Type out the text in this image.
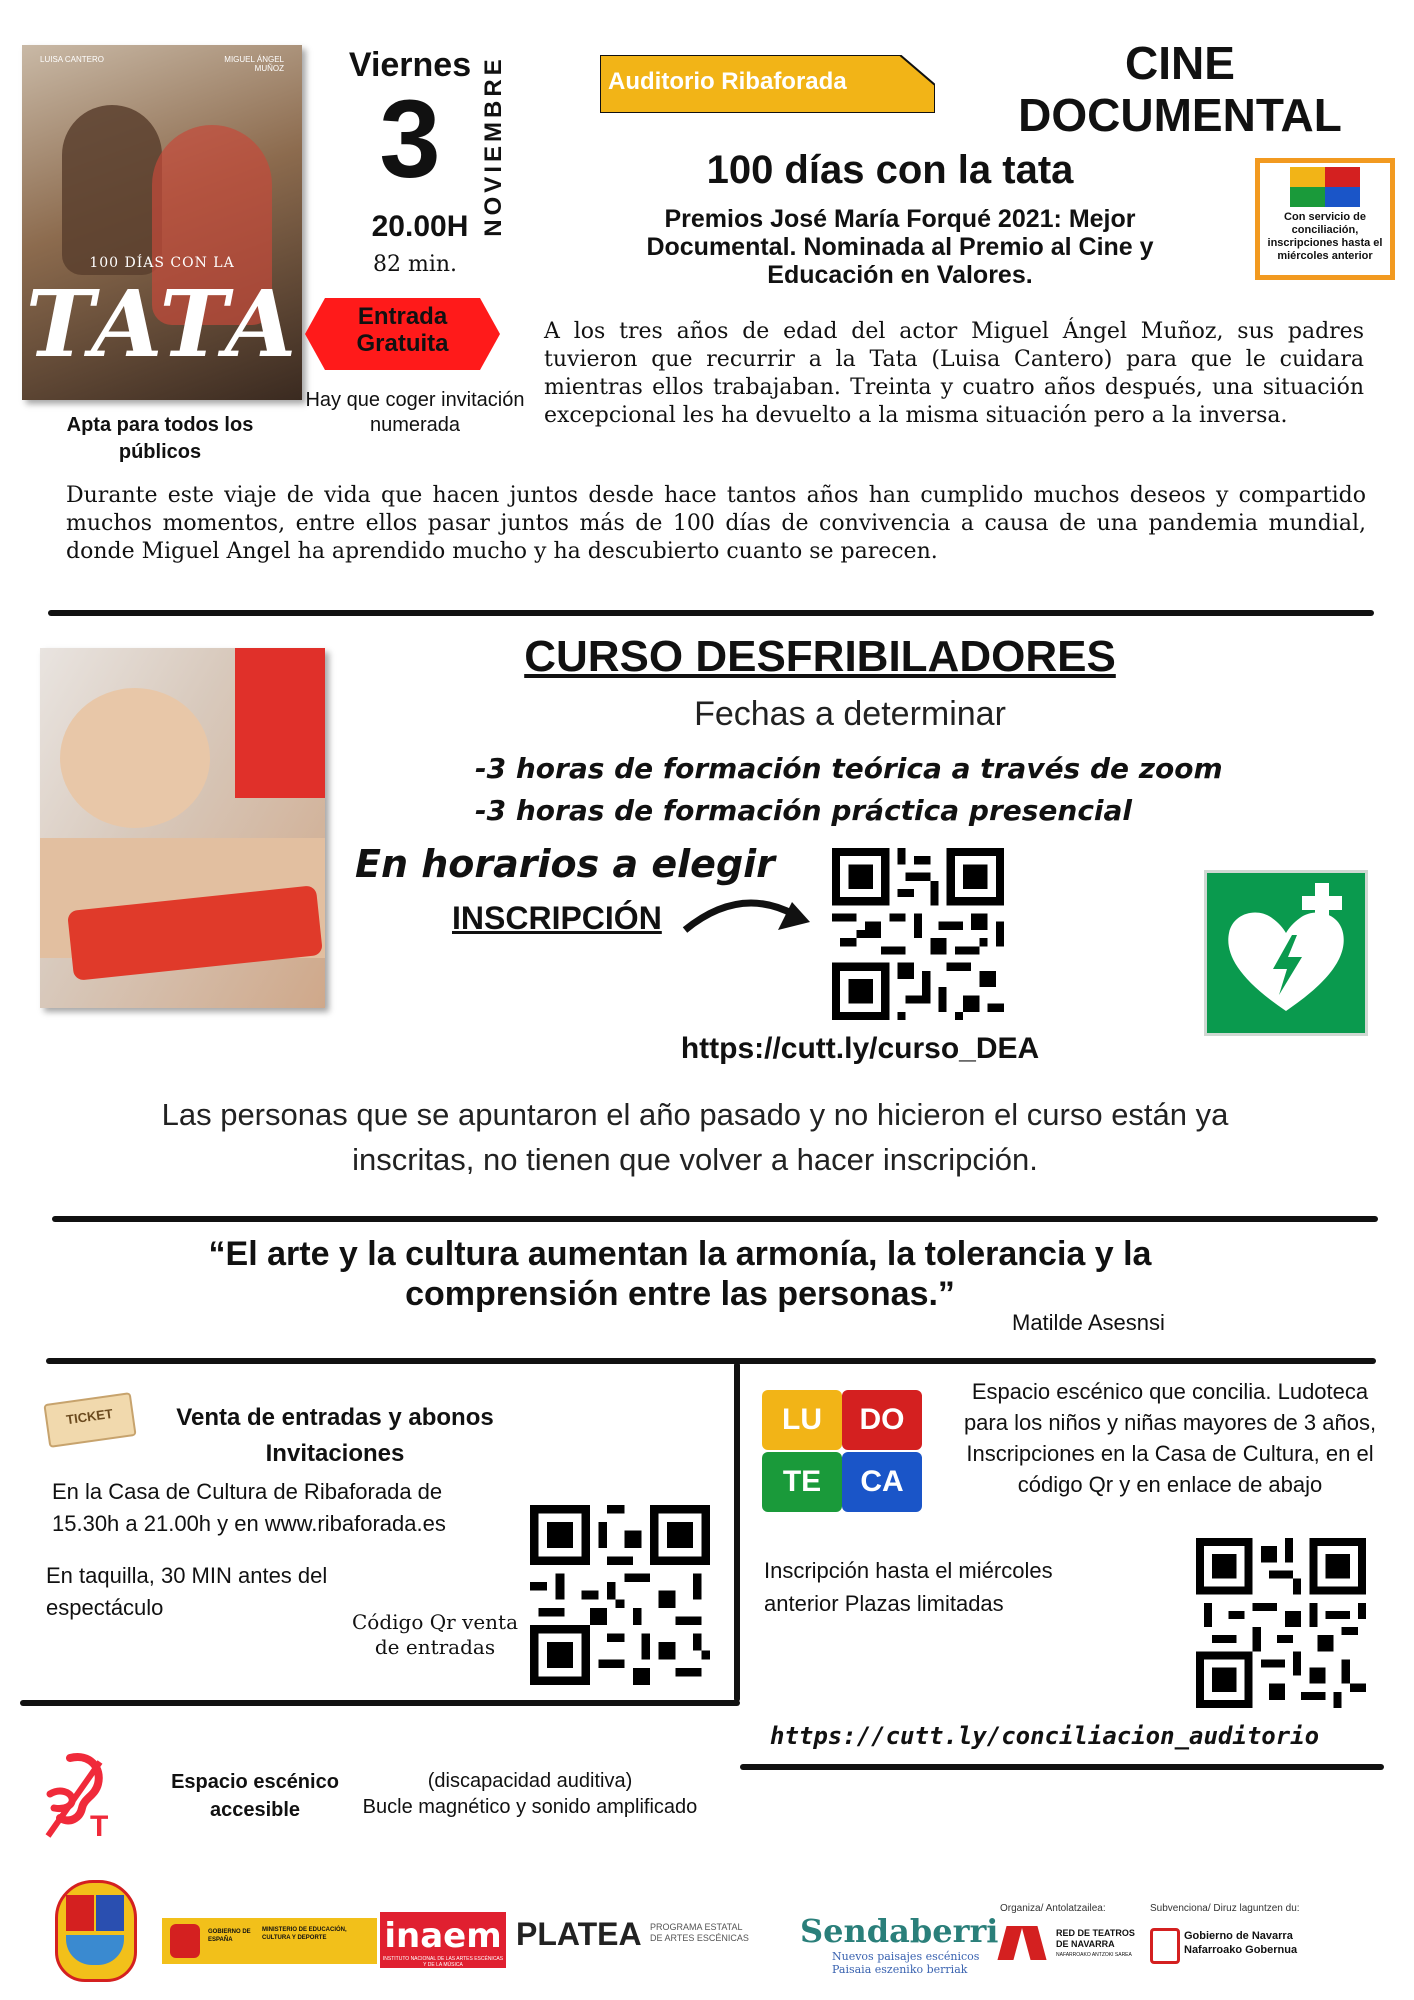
LUISA CANTERO	MIGUEL ÁNGEL MUÑOZ
100 DÍAS CON LA
TATA
Apta para todos los públicos
Viernes
3	NOVIEMBRE
20.00H
82 min.
Entrada Gratuita
Hay que coger invitación numerada
Auditorio Ribaforada	CINE
DOCUMENTAL
100 días con la tata
Premios José María Forqué 2021: Mejor Documental. Nominada al Premio al Cine y Educación en Valores.
Con servicio de conciliación, inscripciones hasta el miércoles anterior
A los tres años de edad del actor Miguel Ángel Muñoz, sus padres tuvieron que recurrir a la Tata (Luisa Cantero) para que le cuidara mientras ellos trabajaban. Treinta y cuatro años después, una situación excepcional les ha devuelto a la misma situación pero a la inversa.
Durante este viaje de vida que hacen juntos desde hace tantos años han cumplido muchos deseos y compartido muchos momentos, entre ellos pasar juntos más de 100 días de convivencia a causa de una pandemia mundial, donde Miguel Angel ha aprendido mucho y ha descubierto cuanto se parecen.
CURSO DESFRIBILADORES
Fechas a determinar
-3 horas de formación teórica a través de zoom
-3 horas de formación práctica presencial
En horarios a elegir
INSCRIPCIÓN
https://cutt.ly/curso_DEA
Las personas que se apuntaron el año pasado y no hicieron el curso están ya inscritas, no tienen que volver a hacer inscripción.
“El arte y la cultura aumentan la armonía, la tolerancia y la comprensión entre las personas.”
Matilde Asesnsi
TICKET	Venta de entradas y abonos
Invitaciones
En la Casa de Cultura de Ribaforada de 15.30h a 21.00h y en www.ribaforada.es
En taquilla, 30 MIN antes del espectáculo
Código Qr venta de entradas
LU	DO
TE	CA
Espacio escénico que concilia. Ludoteca para los niños y niñas mayores de 3 años, Inscripciones en la Casa de Cultura, en el código Qr y en enlace de abajo
Inscripción hasta el miércoles anterior Plazas limitadas
https://cutt.ly/conciliacion_auditorio
T
Espacio escénico accesible
(discapacidad auditiva)
Bucle magnético y sonido amplificado
GOBIERNO DE ESPAÑA
MINISTERIO DE EDUCACIÓN, CULTURA Y DEPORTE	inaem
INSTITUTO NACIONAL DE LAS ARTES ESCÉNICAS Y DE LA MÚSICA
PLATEA PROGRAMA ESTATAL DE ARTES ESCÉNICAS Sendaberri
Nuevos paisajes escénicos
Paisaia eszeniko berriak
Organiza/ Antolatzailea:
RED DE TEATROS DE NAVARRA
NAFARROAKO ANTZOKI SAREA
Subvenciona/ Diruz laguntzen du:
Gobierno de Navarra
Nafarroako Gobernua
